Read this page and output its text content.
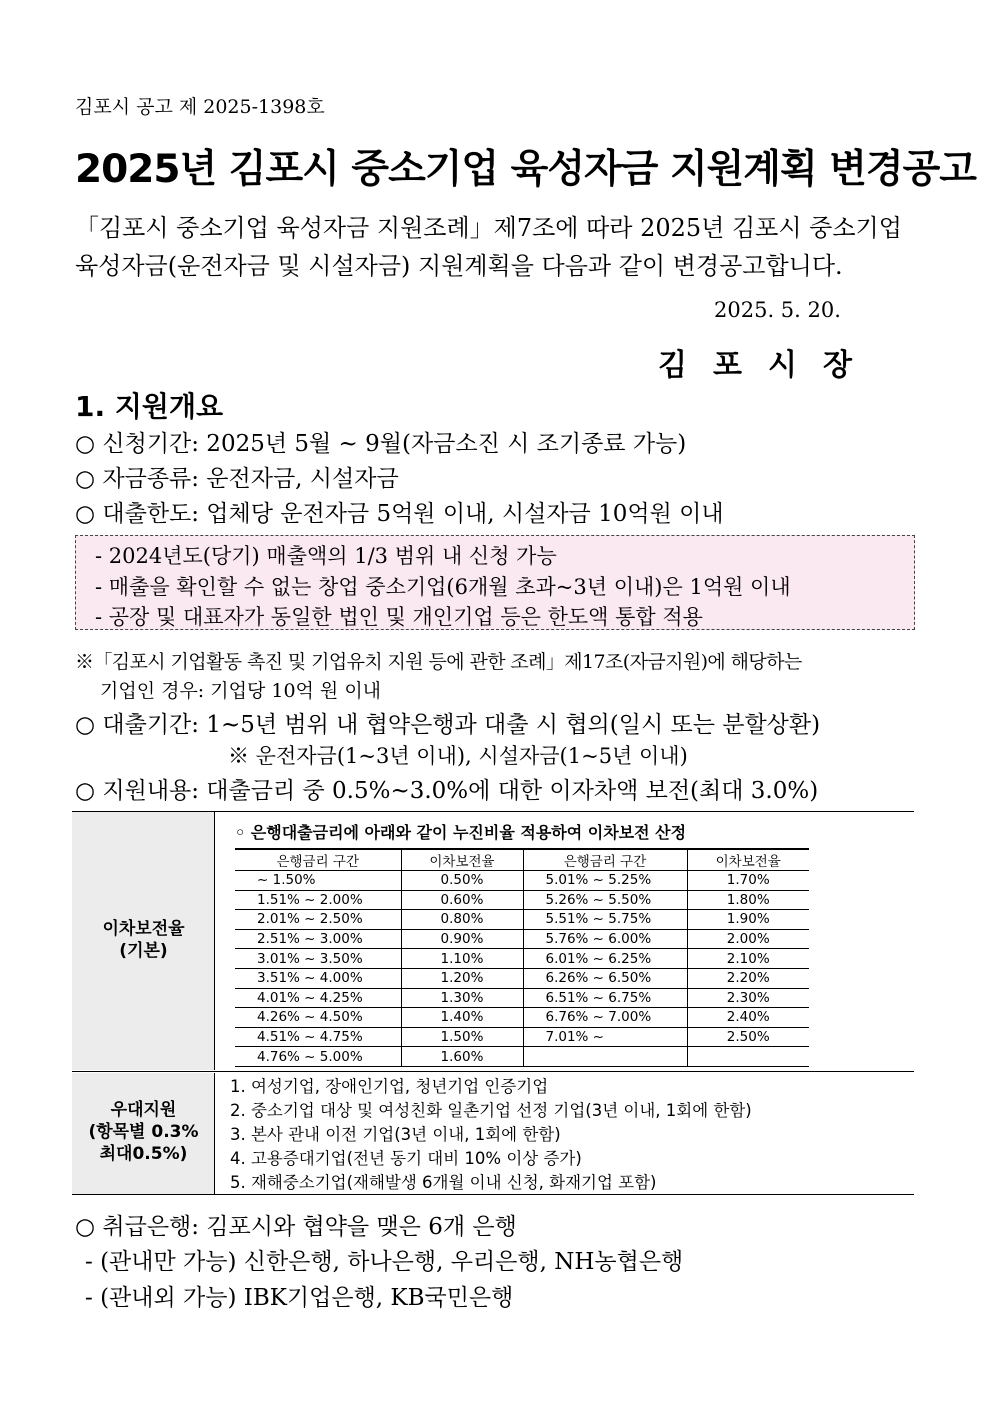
김포시 공고 제 2025-1398호
2025년 김포시 중소기업 육성자금 지원계획 변경공고
「김포시 중소기업 육성자금 지원조례」제7조에 따라 2025년 김포시 중소기업
육성자금(운전자금 및 시설자금) 지원계획을 다음과 같이 변경공고합니다.
2025. 5. 20.
김포시장
1. 지원개요
○ 신청기간: 2025년 5월 ~ 9월(자금소진 시 조기종료 가능)
○ 자금종류: 운전자금, 시설자금
○ 대출한도: 업체당 운전자금 5억원 이내, 시설자금 10억원 이내
- 2024년도(당기) 매출액의 1/3 범위 내 신청 가능
- 매출을 확인할 수 없는 창업 중소기업(6개월 초과~3년 이내)은 1억원 이내
- 공장 및 대표자가 동일한 법인 및 개인기업 등은 한도액 통합 적용
※「김포시 기업활동 촉진 및 기업유치 지원 등에 관한 조례」제17조(자금지원)에 해당하는
기업인 경우: 기업당 10억 원 이내
○ 대출기간: 1~5년 범위 내 협약은행과 대출 시 협의(일시 또는 분할상환)
※ 운전자금(1~3년 이내), 시설자금(1~5년 이내)
○ 지원내용: 대출금리 중 0.5%~3.0%에 대한 이자차액 보전(최대 3.0%)
이차보전율
(기본)
◦ 은행대출금리에 아래와 같이 누진비율 적용하여 이차보전 산정
은행금리 구간	이차보전율	은행금리 구간	이차보전율
~ 1.50%	0.50%	5.01% ~ 5.25%	1.70%
1.51% ~ 2.00%	0.60%	5.26% ~ 5.50%	1.80%
2.01% ~ 2.50%	0.80%	5.51% ~ 5.75%	1.90%
2.51% ~ 3.00%	0.90%	5.76% ~ 6.00%	2.00%
3.01% ~ 3.50%	1.10%	6.01% ~ 6.25%	2.10%
3.51% ~ 4.00%	1.20%	6.26% ~ 6.50%	2.20%
4.01% ~ 4.25%	1.30%	6.51% ~ 6.75%	2.30%
4.26% ~ 4.50%	1.40%	6.76% ~ 7.00%	2.40%
4.51% ~ 4.75%	1.50%	7.01% ~	2.50%
4.76% ~ 5.00%	1.60%		
우대지원
(항목별 0.3%
최대0.5%)
1. 여성기업, 장애인기업, 청년기업 인증기업
2. 중소기업 대상 및 여성친화 일촌기업 선정 기업(3년 이내, 1회에 한함)
3. 본사 관내 이전 기업(3년 이내, 1회에 한함)
4. 고용증대기업(전년 동기 대비 10% 이상 증가)
5. 재해중소기업(재해발생 6개월 이내 신청, 화재기업 포함)
○ 취급은행: 김포시와 협약을 맺은 6개 은행
- (관내만 가능) 신한은행, 하나은행, 우리은행, NH농협은행
- (관내외 가능) IBK기업은행, KB국민은행
